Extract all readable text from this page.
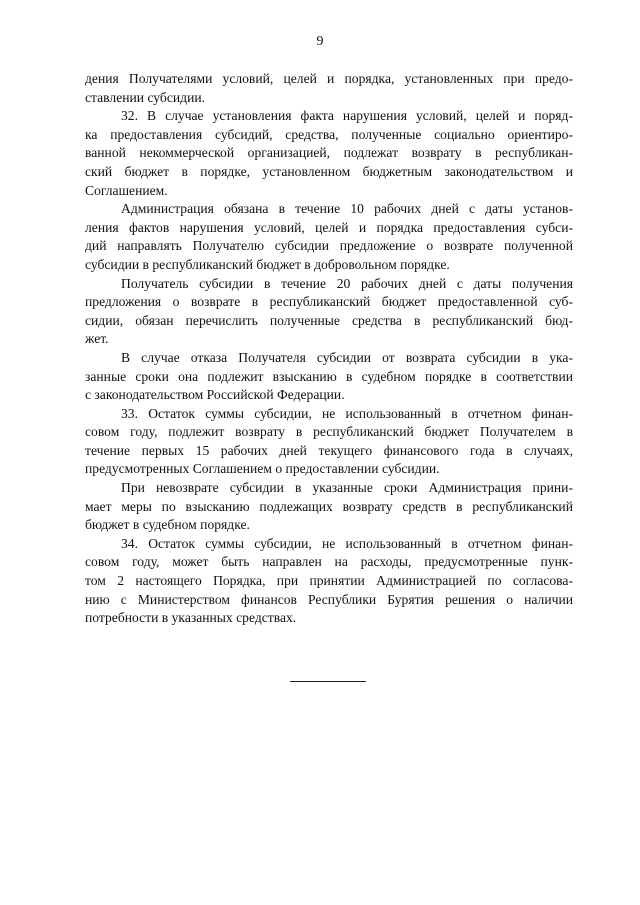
9
дения Получателями условий, целей и порядка, установленных при предо-
ставлении субсидии.
32. В случае установления факта нарушения условий, целей и поряд-
ка предоставления субсидий, средства, полученные социально ориентиро-
ванной некоммерческой организацией, подлежат возврату в республикан-
ский бюджет в порядке, установленном бюджетным законодательством и
Соглашением.
Администрация обязана в течение 10 рабочих дней с даты установ-
ления фактов нарушения условий, целей и порядка предоставления субси-
дий направлять Получателю субсидии предложение о возврате полученной
субсидии в республиканский бюджет в добровольном порядке.
Получатель субсидии в течение 20 рабочих дней с даты получения
предложения о возврате в республиканский бюджет предоставленной суб-
сидии, обязан перечислить полученные средства в республиканский бюд-
жет.
В случае отказа Получателя субсидии от возврата субсидии в ука-
занные сроки она подлежит взысканию в судебном порядке в соответствии
с законодательством Российской Федерации.
33. Остаток суммы субсидии, не использованный в отчетном финан-
совом году, подлежит возврату в республиканский бюджет Получателем в
течение первых 15 рабочих дней текущего финансового года в случаях,
предусмотренных Соглашением о предоставлении субсидии.
При невозврате субсидии в указанные сроки Администрация прини-
мает меры по взысканию подлежащих возврату средств в республиканский
бюджет в судебном порядке.
34. Остаток суммы субсидии, не использованный в отчетном финан-
совом году, может быть направлен на расходы, предусмотренные пунк-
том 2 настоящего Порядка, при принятии Администрацией по согласова-
нию с Министерством финансов Республики Бурятия решения о наличии
потребности в указанных средствах.
